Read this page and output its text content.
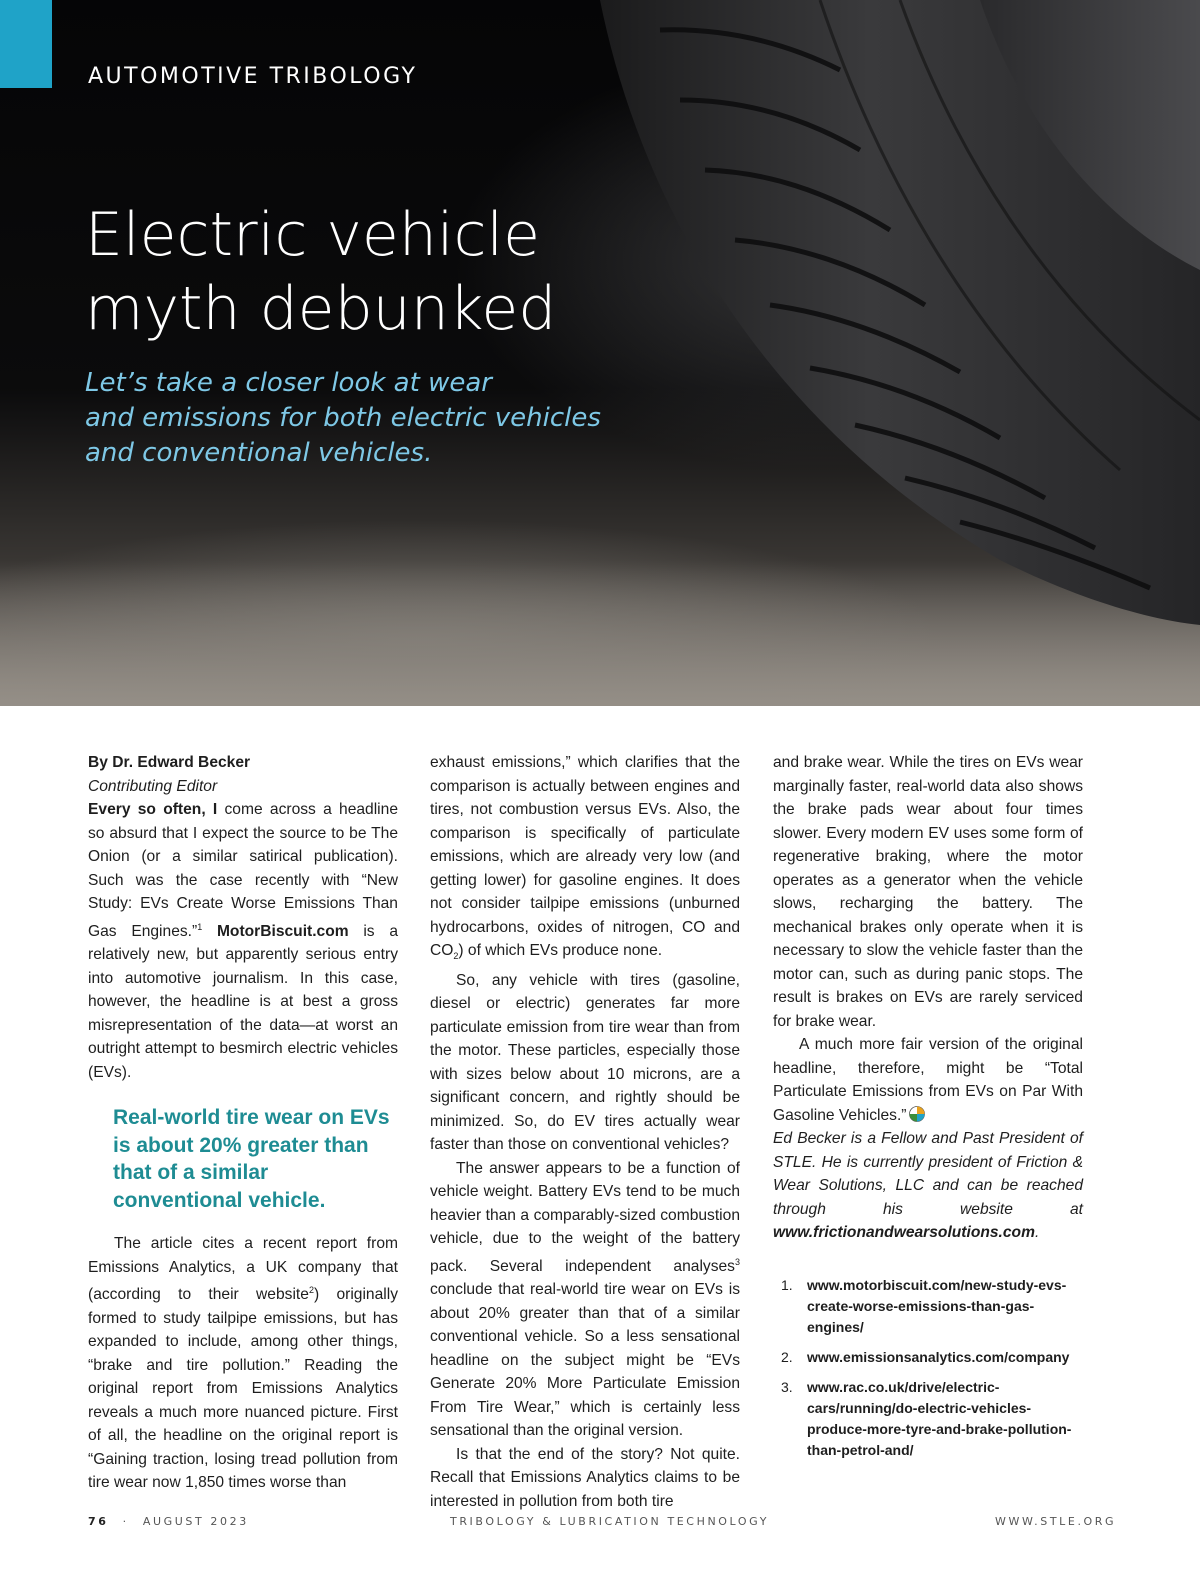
AUTOMOTIVE TRIBOLOGY
Electric vehicle
myth debunked
Let’s take a closer look at wear
and emissions for both electric vehicles
and conventional vehicles.

By Dr. Edward Becker

Contributing Editor

Every so often, I come across a headline so absurd that I expect the source to be The Onion (or a similar satirical publication). Such was the case recently with “New Study: EVs Create Worse Emissions Than Gas Engines.”$^1$ MotorBiscuit.com is a relatively new, but apparently serious entry into automotive journalism. In this case, however, the headline is at best a gross misrepresentation of the data—at worst an outright attempt to besmirch electric vehicles (EVs).

Real-world tire wear on EVs is about 20% greater than that of a similar conventional vehicle.

The article cites a recent report from Emissions Analytics, a UK company that (according to their website$^2$) originally formed to study tailpipe emissions, but has expanded to include, among other things, “brake and tire pollution.” Reading the original report from Emissions Analytics reveals a much more nuanced picture. First of all, the headline on the original report is “Gaining traction, losing tread pollution from tire wear now 1,850 times worse than

exhaust emissions,” which clarifies that the comparison is actually between engines and tires, not combustion versus EVs. Also, the comparison is specifically of particulate emissions, which are already very low (and getting lower) for gasoline engines. It does not consider tailpipe emissions (unburned hydrocarbons, oxides of nitrogen, CO and $CO_2$) of which EVs produce none.

So, any vehicle with tires (gasoline, diesel or electric) generates far more particulate emission from tire wear than from the motor. These particles, especially those with sizes below about 10 microns, are a significant concern, and rightly should be minimized. So, do EV tires actually wear faster than those on conventional vehicles?

The answer appears to be a function of vehicle weight. Battery EVs tend to be much heavier than a comparably-sized combustion vehicle, due to the weight of the battery pack. Several independent analyses$^3$ conclude that real-world tire wear on EVs is about 20% greater than that of a similar conventional vehicle. So a less sensational headline on the subject might be “EVs Generate 20% More Particulate Emission From Tire Wear,” which is certainly less sensational than the original version.

Is that the end of the story? Not quite. Recall that Emissions Analytics claims to be interested in pollution from both tire

and brake wear. While the tires on EVs wear marginally faster, real-world data also shows the brake pads wear about four times slower. Every modern EV uses some form of regenerative braking, where the motor operates as a generator when the vehicle slows, recharging the battery. The mechanical brakes only operate when it is necessary to slow the vehicle faster than the motor can, such as during panic stops. The result is brakes on EVs are rarely serviced for brake wear.

A much more fair version of the original headline, therefore, might be “Total Particulate Emissions from EVs on Par With Gasoline Vehicles.”

Ed Becker is a Fellow and Past President of STLE. He is currently president of Friction & Wear Solutions, LLC and can be reached through his website at www.frictionandwearsolutions.com.

1.	www.motorbiscuit.com/new-study-evs-create-worse-emissions-than-gas-engines/
2.	www.emissionsanalytics.com/company
3.	www.rac.co.uk/drive/electric-cars/running/do-electric-vehicles-produce-more-tyre-and-brake-pollution-than-petrol-and/
76 · AUGUST 2023	TRIBOLOGY & LUBRICATION TECHNOLOGY	WWW.STLE.ORG
